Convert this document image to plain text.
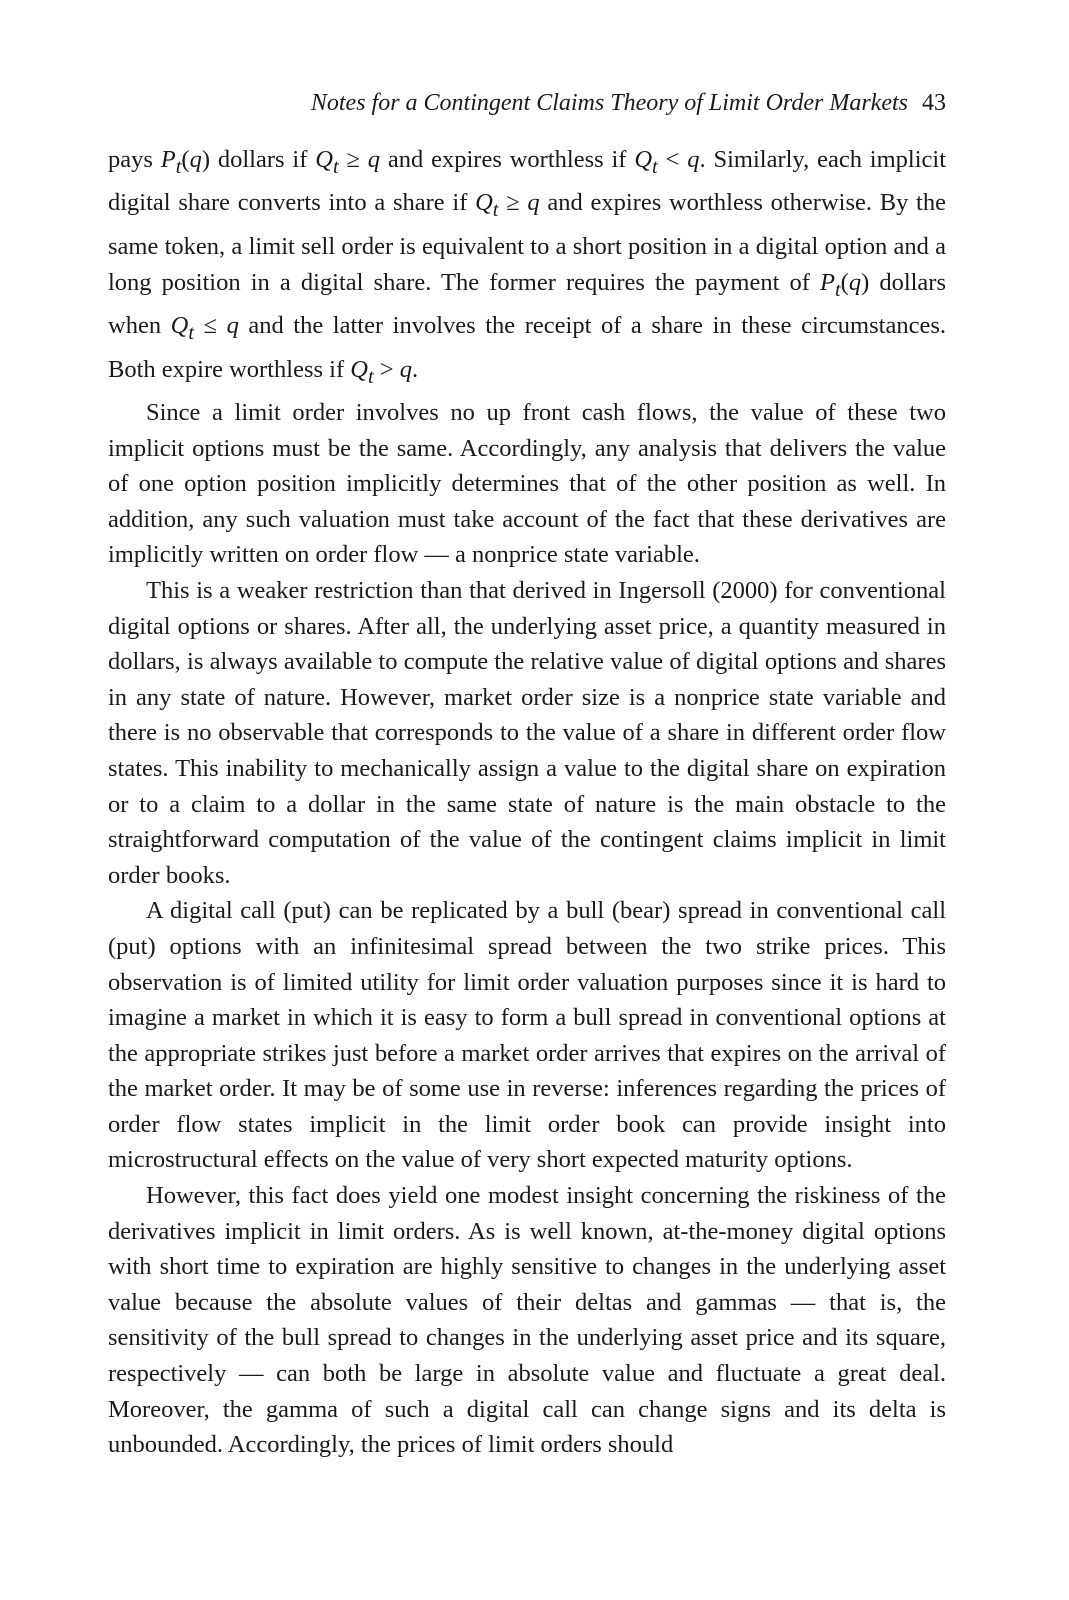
Notes for a Contingent Claims Theory of Limit Order Markets 43

pays $P_t(q)$ dollars if $Q_t \ge q$ and expires worthless if $Q_t < q$. Similarly, each implicit digital share converts into a share if $Q_t \ge q$ and expires worthless otherwise. By the same token, a limit sell order is equivalent to a short position in a digital option and a long position in a digital share. The former requires the payment of $P_t(q)$ dollars when $Q_t \le q$ and the latter involves the receipt of a share in these circumstances. Both expire worthless if $Q_t > q$.

Since a limit order involves no up front cash flows, the value of these two implicit options must be the same. Accordingly, any analysis that delivers the value of one option position implicitly determines that of the other position as well. In addition, any such valuation must take account of the fact that these derivatives are implicitly written on order flow — a nonprice state variable.

This is a weaker restriction than that derived in Ingersoll (2000) for conventional digital options or shares. After all, the underlying asset price, a quantity measured in dollars, is always available to compute the relative value of digital options and shares in any state of nature. However, market order size is a nonprice state variable and there is no observable that corresponds to the value of a share in different order flow states. This inability to mechanically assign a value to the digital share on expiration or to a claim to a dollar in the same state of nature is the main obstacle to the straightforward computation of the value of the contingent claims implicit in limit order books.

A digital call (put) can be replicated by a bull (bear) spread in conventional call (put) options with an infinitesimal spread between the two strike prices. This observation is of limited utility for limit order valuation purposes since it is hard to imagine a market in which it is easy to form a bull spread in conventional options at the appropriate strikes just before a market order arrives that expires on the arrival of the market order. It may be of some use in reverse: inferences regarding the prices of order flow states implicit in the limit order book can provide insight into microstructural effects on the value of very short expected maturity options.

However, this fact does yield one modest insight concerning the riskiness of the derivatives implicit in limit orders. As is well known, at-the-money digital options with short time to expiration are highly sensitive to changes in the underlying asset value because the absolute values of their deltas and gammas — that is, the sensitivity of the bull spread to changes in the underlying asset price and its square, respectively — can both be large in absolute value and fluctuate a great deal. Moreover, the gamma of such a digital call can change signs and its delta is unbounded. Accordingly, the prices of limit orders should
